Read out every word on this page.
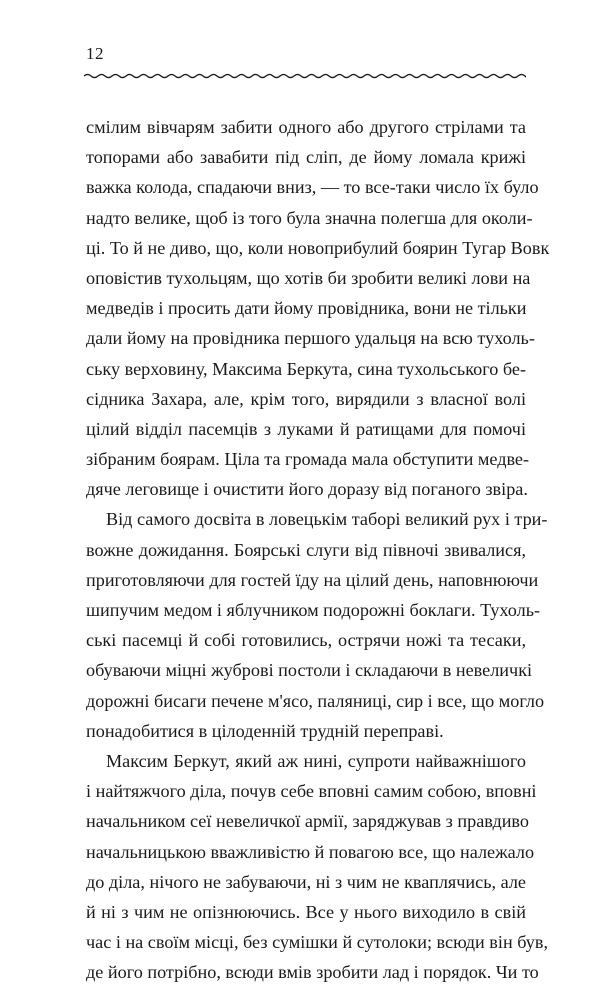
12
смілим вівчарям забити одного або другого стрілами та
топорами або завабити під сліп, де йому ломала крижі
важка колода, спадаючи вниз, — то все-таки число їх було
надто велике, щоб із того була значна полегша для околи-
ці. То й не диво, що, коли новоприбулий боярин Тугар Вовк
оповістив тухольцям, що хотів би зробити великі лови на
медведів і просить дати йому провідника, вони не тільки
дали йому на провідника першого удальця на всю тухоль-
ську верховину, Максима Беркута, сина тухольського бе-
сідника Захара, але, крім того, вирядили з власної волі
цілий відділ пасемців з луками й ратищами для помочі
зібраним боярам. Ціла та громада мала обступити медве-
дяче леговище і очистити його доразу від поганого звіра.
Від самого досвіта в ловецькім таборі великий рух і три-
вожне дожидання. Боярські слуги від півночі звивалися,
приготовляючи для гостей їду на цілий день, наповнюючи
шипучим медом і яблучником подорожні боклаги. Тухоль-
ські пасемці й собі готовились, острячи ножі та тесаки,
обуваючи міцні жуброві постоли і складаючи в невеличкі
дорожні бисаги печене м'ясо, паляниці, сир і все, що могло
понадобитися в цілоденній трудній переправі.
Максим Беркут, який аж нині, супроти найважнішого
і найтяжчого діла, почув себе вповні самим собою, вповні
начальником сеї невеличкої армії, заряджував з правдиво
начальницькою вважливістю й повагою все, що належало
до діла, нічого не забуваючи, ні з чим не кваплячись, але
й ні з чим не опізнюючись. Все у нього виходило в свій
час і на своїм місці, без сумішки й сутолоки; всюди він був,
де його потрібно, всюди вмів зробити лад і порядок. Чи то
